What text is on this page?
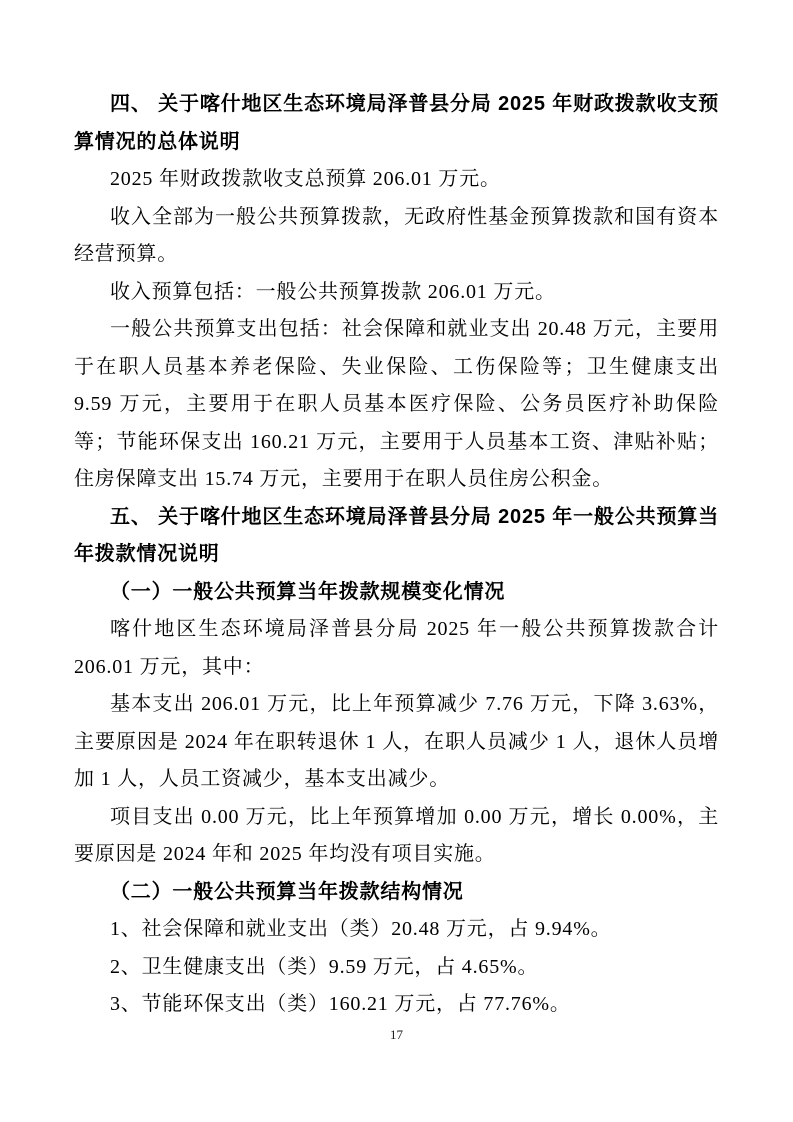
四、 关于喀什地区生态环境局泽普县分局 2025 年财政拨款收支预算情况的总体说明

2025 年财政拨款收支总预算 206.01 万元。

收入全部为一般公共预算拨款，无政府性基金预算拨款和国有资本经营预算。

收入预算包括：一般公共预算拨款 206.01 万元。

一般公共预算支出包括：社会保障和就业支出 20.48 万元，主要用于在职人员基本养老保险、失业保险、工伤保险等；卫生健康支出 9.59 万元，主要用于在职人员基本医疗保险、公务员医疗补助保险等；节能环保支出 160.21 万元，主要用于人员基本工资、津贴补贴；住房保障支出 15.74 万元，主要用于在职人员住房公积金。

五、 关于喀什地区生态环境局泽普县分局 2025 年一般公共预算当年拨款情况说明

（一）一般公共预算当年拨款规模变化情况

喀什地区生态环境局泽普县分局 2025 年一般公共预算拨款合计 206.01 万元，其中：

基本支出 206.01 万元，比上年预算减少 7.76 万元，下降 3.63%，主要原因是 2024 年在职转退休 1 人，在职人员减少 1 人，退休人员增加 1 人，人员工资减少，基本支出减少。

项目支出 0.00 万元，比上年预算增加 0.00 万元，增长 0.00%，主要原因是 2024 年和 2025 年均没有项目实施。

（二）一般公共预算当年拨款结构情况

1、社会保障和就业支出（类）20.48 万元，占 9.94%。

2、卫生健康支出（类）9.59 万元，占 4.65%。

3、节能环保支出（类）160.21 万元，占 77.76%。

17
